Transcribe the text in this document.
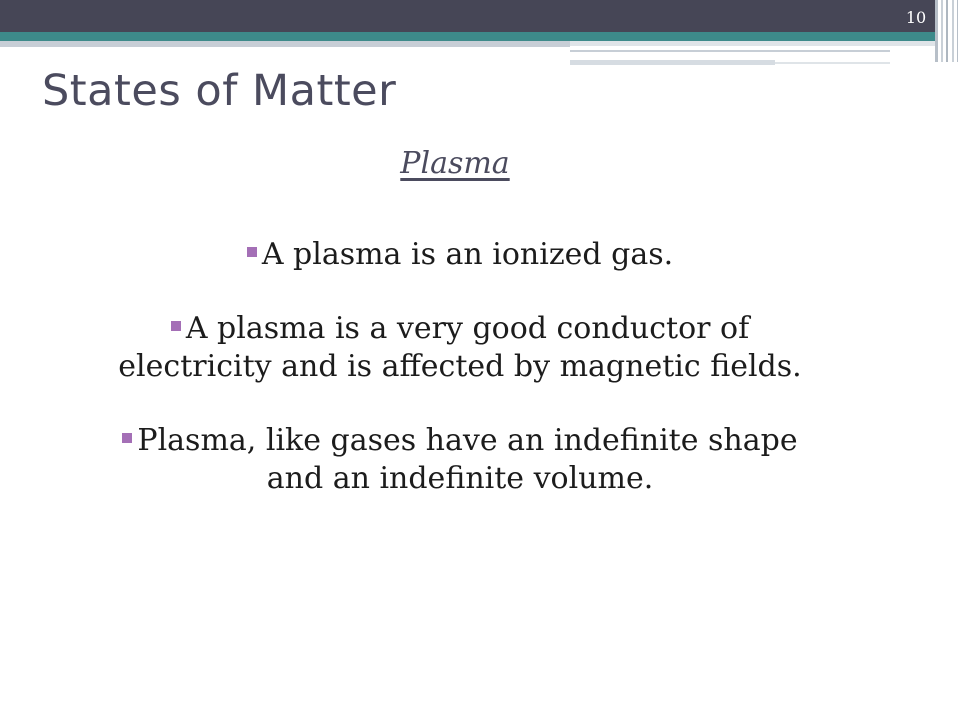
10
States of Matter
Plasma
A plasma is an ionized gas.
A plasma is a very good conductor of electricity and is affected by magnetic fields.
Plasma, like gases have an indefinite shape and an indefinite volume.
